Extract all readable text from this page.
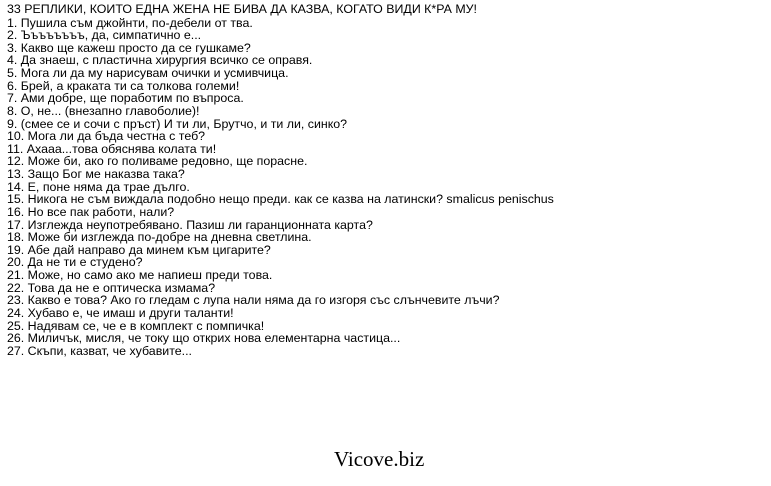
33 РЕПЛИКИ, КОИТО ЕДНА ЖЕНА НЕ БИВА ДА КАЗВА, КОГАТО ВИДИ К*РА МУ!
1. Пушила съм джойнти, по-дебели от тва.
2. Ъъъъъъъъ, да, симпатично е...
3. Какво ще кажеш просто да се гушкаме?
4. Да знаеш, с пластична хирургия всичко се оправя.
5. Мога ли да му нарисувам очички и усмивчица.
6. Брей, а краката ти са толкова големи!
7. Ами добре, ще поработим по въпроса.
8. О, не... (внезапно главоболие)!
9. (смее се и сочи с пръст) И ти ли, Брутчо, и ти ли, синко?
10. Мога ли да бъда честна с теб?
11. Ахааа...това обяснява колата ти!
12. Може би, ако го поливаме редовно, ще порасне.
13. Защо Бог ме наказва така?
14. Е, поне няма да трае дълго.
15. Никога не съм виждала подобно нещо преди. как се казва на латински? smalicus penischus
16. Но все пак работи, нали?
17. Изглежда неупотребявано. Пазиш ли гаранционната карта?
18. Може би изглежда по-добре на дневна светлина.
19. Абе дай направо да минем към цигарите?
20. Да не ти е студено?
21. Може, но само ако ме напиеш преди това.
22. Това да не е оптическа измама?
23. Какво е това? Ако го гледам с лупа нали няма да го изгоря със слънчевите лъчи?
24. Хубаво е, че имаш и други таланти!
25. Надявам се, че е в комплект с помпичка!
26. Миличък, мисля, че току що открих нова елементарна частица...
27. Скъпи, казват, че хубавите...
Vicove.biz
